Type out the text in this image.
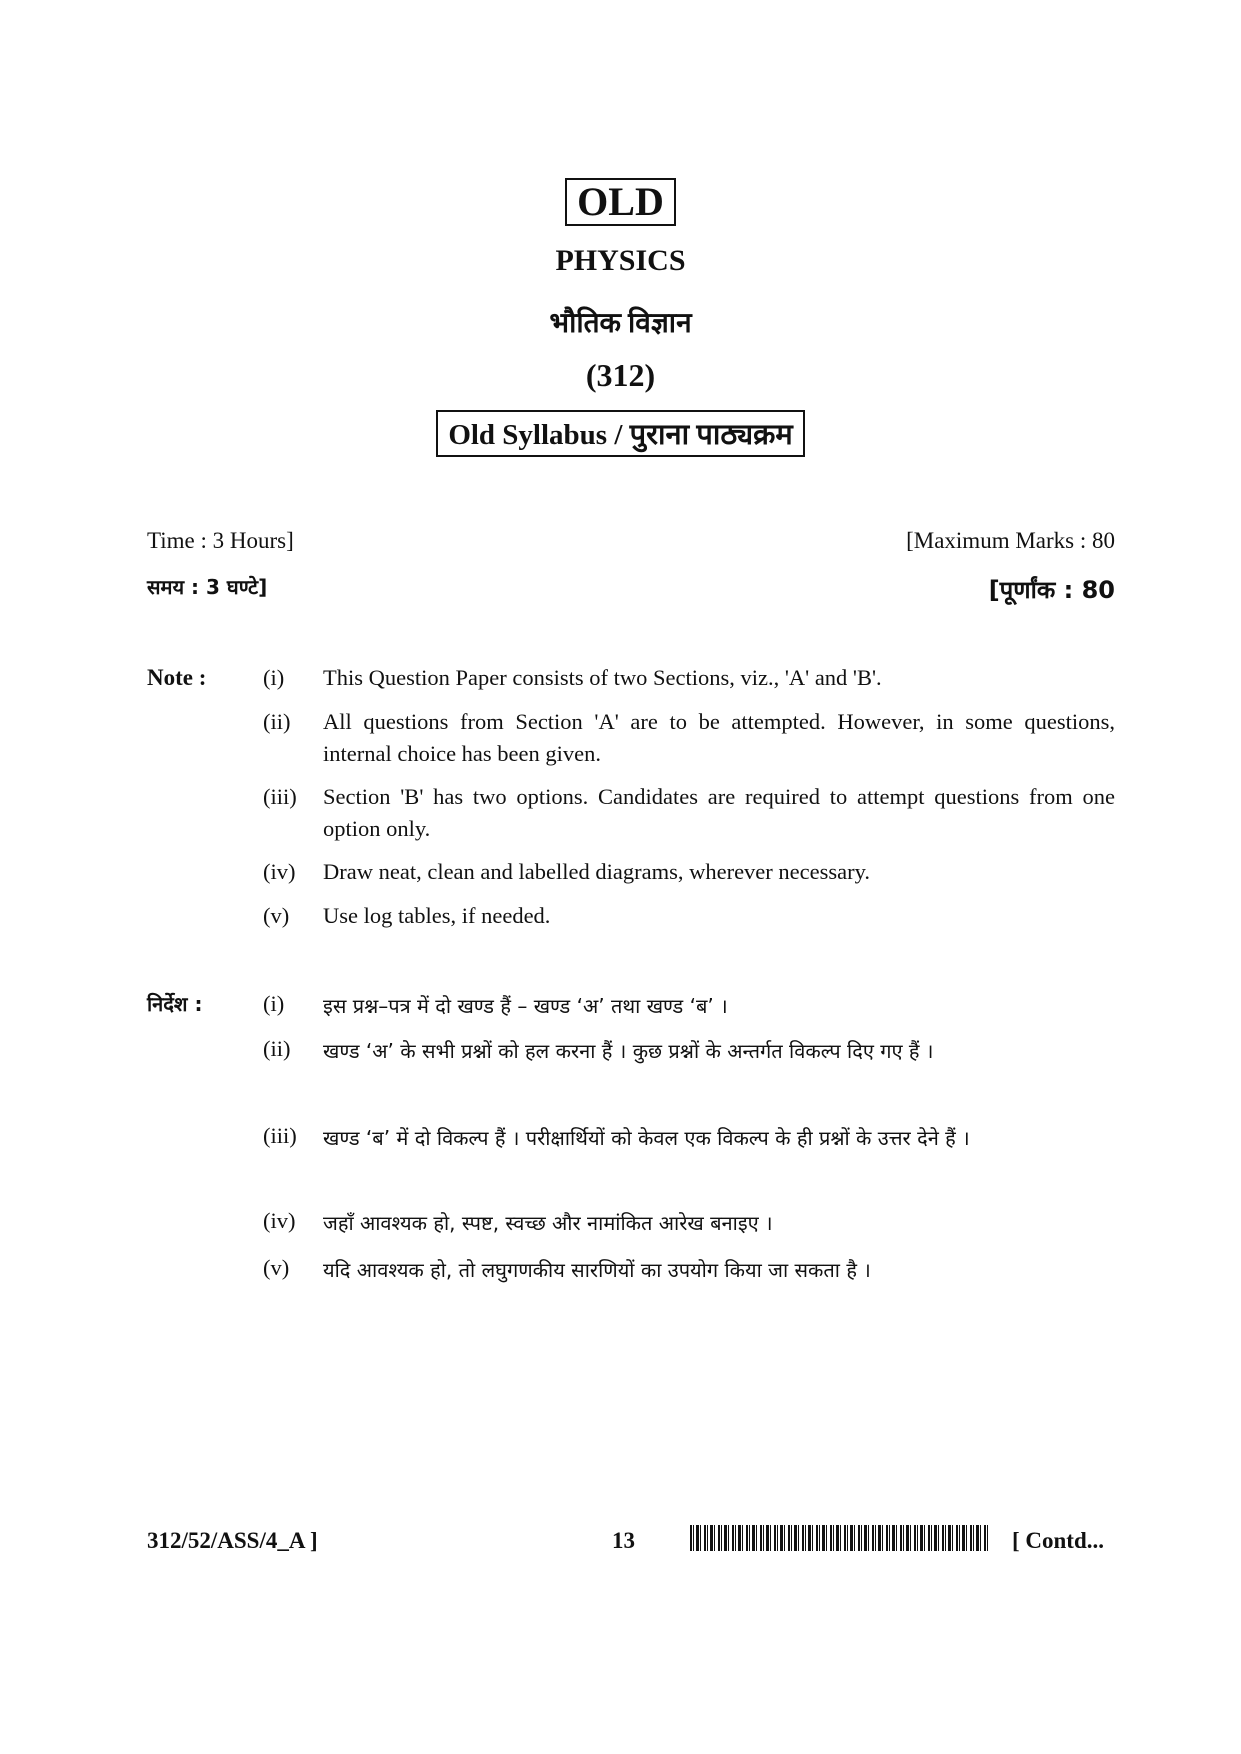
OLD
PHYSICS
भौतिक विज्ञान
(312)
Old Syllabus / पुराना पाठ्यक्रम
Time : 3 Hours]	[Maximum Marks : 80
समय : 3 घण्टे]	[पूर्णांक : 80
Note :	(i)	This Question Paper consists of two Sections, viz., 'A' and 'B'.
(ii)	All questions from Section 'A' are to be attempted. However, in some questions, internal choice has been given.
(iii)	Section 'B' has two options. Candidates are required to attempt questions from one option only.
(iv)	Draw neat, clean and labelled diagrams, wherever necessary.
(v)	Use log tables, if needed.
निर्देश :	(i)	इस प्रश्न–पत्र में दो खण्ड हैं – खण्ड ‘अ’ तथा खण्ड ‘ब’ ।
(ii)	खण्ड ‘अ’ के सभी प्रश्नों को हल करना हैं । कुछ प्रश्नों के अन्तर्गत विकल्प दिए गए हैं ।
(iii)	खण्ड ‘ब’ में दो विकल्प हैं । परीक्षार्थियों को केवल एक विकल्प के ही प्रश्नों के उत्तर देने हैं ।
(iv)	जहाँ आवश्यक हो, स्पष्ट, स्वच्छ और नामांकित आरेख बनाइए ।
(v)	यदि आवश्यक हो, तो लघुगणकीय सारणियों का उपयोग किया जा सकता है ।
312/52/ASS/4_A ]	13	[ Contd...
